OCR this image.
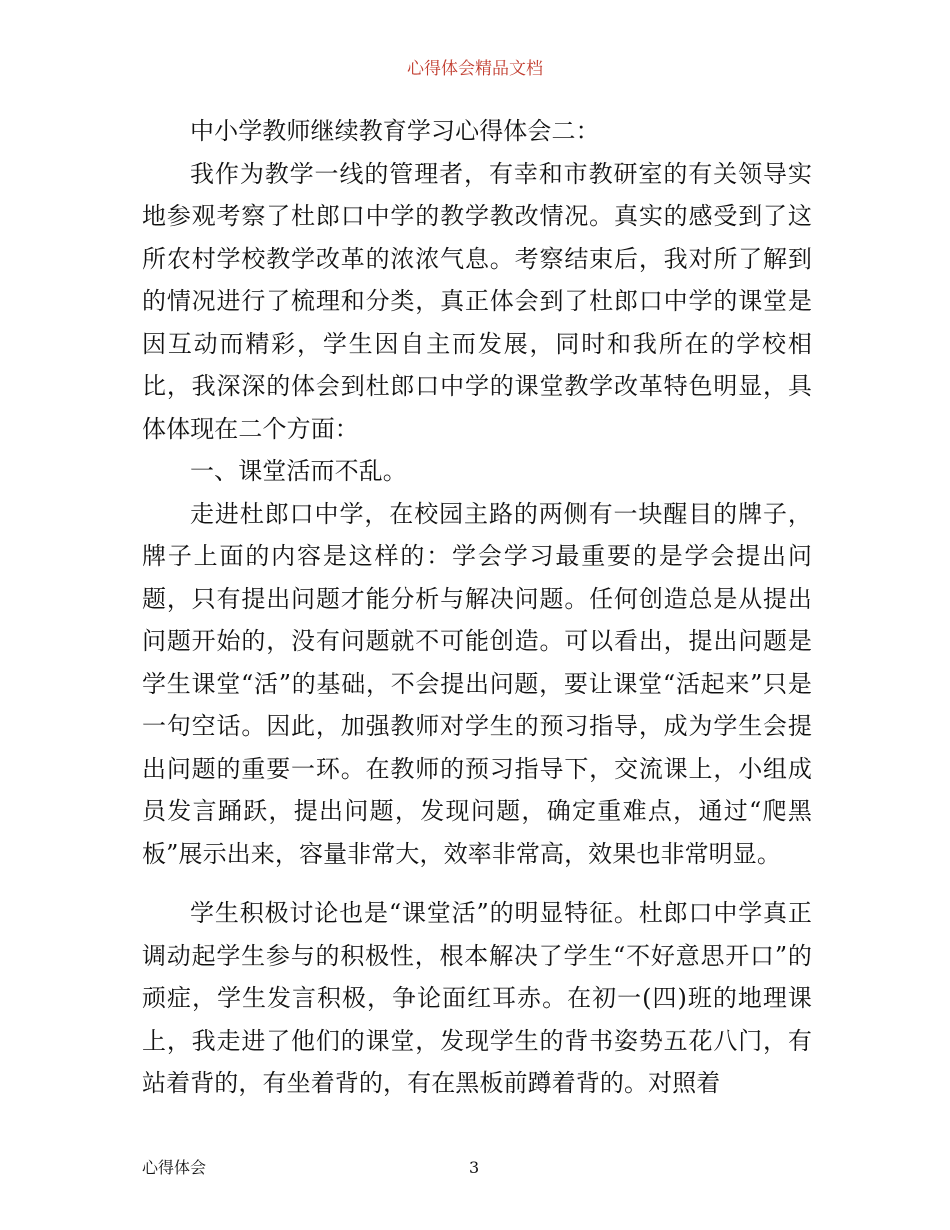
心得体会精品文档

中小学教师继续教育学习心得体会二：

我作为教学一线的管理者，有幸和市教研室的有关领导实地参观考察了杜郎口中学的教学教改情况。真实的感受到了这所农村学校教学改革的浓浓气息。考察结束后，我对所了解到的情况进行了梳理和分类，真正体会到了杜郎口中学的课堂是因互动而精彩，学生因自主而发展，同时和我所在的学校相比，我深深的体会到杜郎口中学的课堂教学改革特色明显，具体体现在二个方面：

一、课堂活而不乱。

走进杜郎口中学，在校园主路的两侧有一块醒目的牌子，牌子上面的内容是这样的：学会学习最重要的是学会提出问题，只有提出问题才能分析与解决问题。任何创造总是从提出问题开始的，没有问题就不可能创造。可以看出，提出问题是学生课堂“活”的基础，不会提出问题，要让课堂“活起来”只是一句空话。因此，加强教师对学生的预习指导，成为学生会提出问题的重要一环。在教师的预习指导下，交流课上，小组成员发言踊跃，提出问题，发现问题，确定重难点，通过“爬黑板”展示出来，容量非常大，效率非常高，效果也非常明显。

学生积极讨论也是“课堂活”的明显特征。杜郎口中学真正调动起学生参与的积极性，根本解决了学生“不好意思开口”的顽症，学生发言积极，争论面红耳赤。在初一(四)班的地理课上，我走进了他们的课堂，发现学生的背书姿势五花八门，有站着背的，有坐着背的，有在黑板前蹲着背的。对照着

心得体会	3
